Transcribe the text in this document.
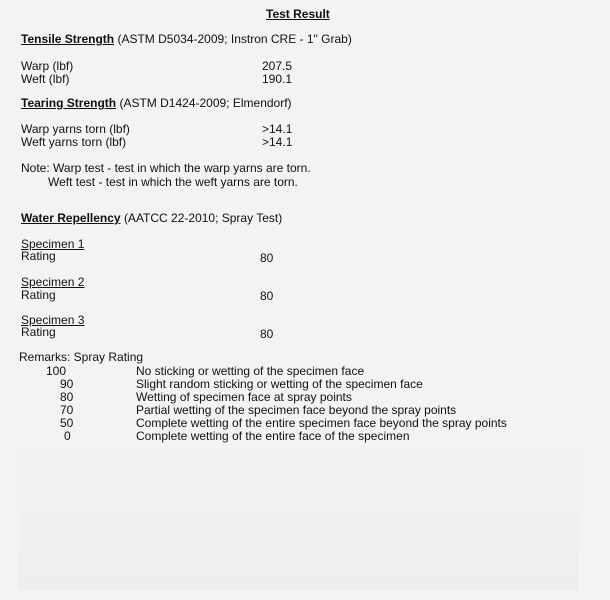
Test Result
Tensile Strength (ASTM D5034-2009; Instron CRE - 1" Grab)
Warp (lbf)	207.5
Weft (lbf)	190.1
Tearing Strength (ASTM D1424-2009; Elmendorf)
Warp yarns torn (lbf)	>14.1
Weft yarns torn (lbf)	>14.1
Note: Warp test - test in which the warp yarns are torn.
Weft test - test in which the weft yarns are torn.
Water Repellency (AATCC 22-2010; Spray Test)
Specimen 1
Rating	80
Specimen 2
Rating	80
Specimen 3
Rating	80
Remarks: Spray Rating
100	No sticking or wetting of the specimen face
90	Slight random sticking or wetting of the specimen face
80	Wetting of specimen face at spray points
70	Partial wetting of the specimen face beyond the spray points
50	Complete wetting of the entire specimen face beyond the spray points
0	Complete wetting of the entire face of the specimen
